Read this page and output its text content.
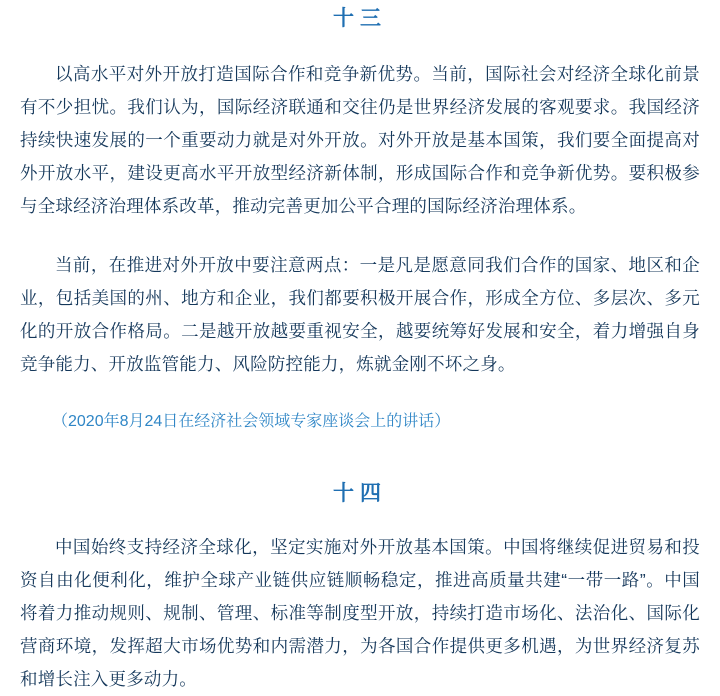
十三

以高水平对外开放打造国际合作和竞争新优势。当前，国际社会对经济全球化前景有不少担忧。我们认为，国际经济联通和交往仍是世界经济发展的客观要求。我国经济持续快速发展的一个重要动力就是对外开放。对外开放是基本国策，我们要全面提高对外开放水平，建设更高水平开放型经济新体制，形成国际合作和竞争新优势。要积极参与全球经济治理体系改革，推动完善更加公平合理的国际经济治理体系。

当前，在推进对外开放中要注意两点：一是凡是愿意同我们合作的国家、地区和企业，包括美国的州、地方和企业，我们都要积极开展合作，形成全方位、多层次、多元化的开放合作格局。二是越开放越要重视安全，越要统筹好发展和安全，着力增强自身竞争能力、开放监管能力、风险防控能力，炼就金刚不坏之身。

（2020年8月24日在经济社会领域专家座谈会上的讲话）
十四

中国始终支持经济全球化，坚定实施对外开放基本国策。中国将继续促进贸易和投资自由化便利化，维护全球产业链供应链顺畅稳定，推进高质量共建“一带一路”。中国将着力推动规则、规制、管理、标准等制度型开放，持续打造市场化、法治化、国际化营商环境，发挥超大市场优势和内需潜力，为各国合作提供更多机遇，为世界经济复苏和增长注入更多动力。
